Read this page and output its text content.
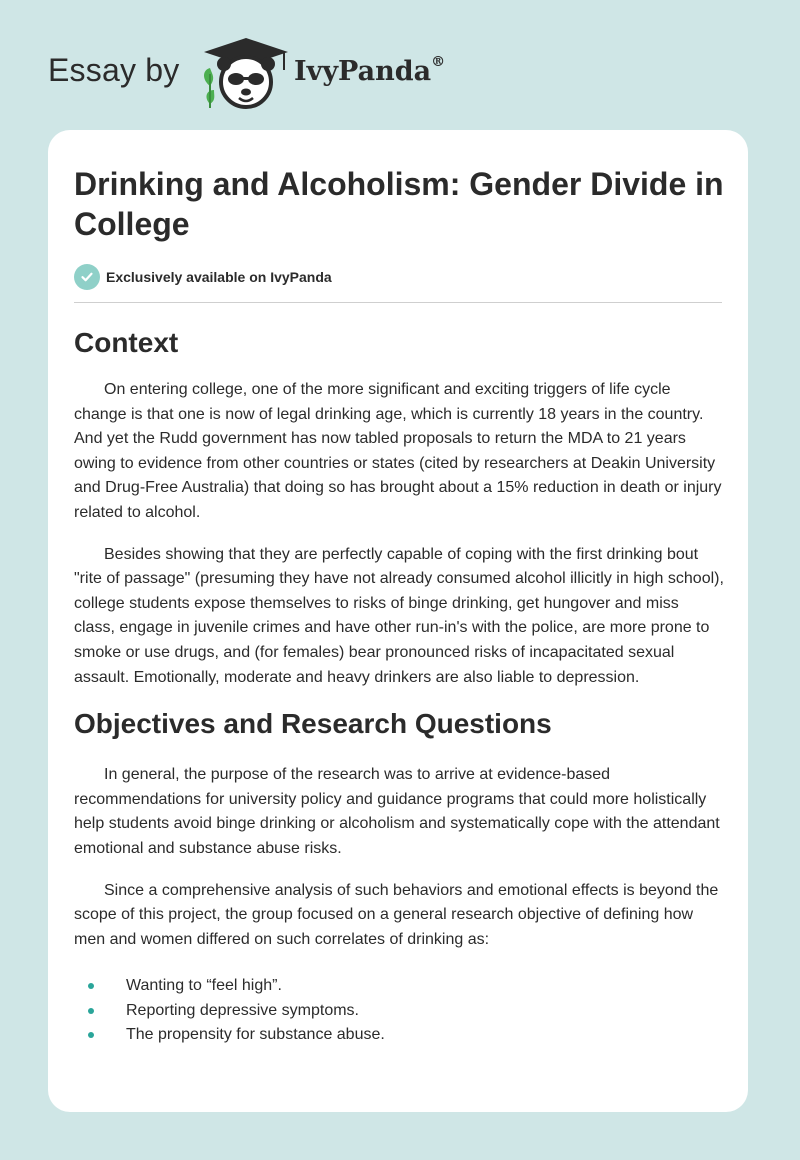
Essay by	IvyPanda®
Drinking and Alcoholism: Gender Divide in College
Exclusively available on IvyPanda
Context

On entering college, one of the more significant and exciting triggers of life cycle change is that one is now of legal drinking age, which is currently 18 years in the country. And yet the Rudd government has now tabled proposals to return the MDA to 21 years owing to evidence from other countries or states (cited by researchers at Deakin University and Drug-Free Australia) that doing so has brought about a 15% reduction in death or injury related to alcohol.

Besides showing that they are perfectly capable of coping with the first drinking bout "rite of passage" (presuming they have not already consumed alcohol illicitly in high school), college students expose themselves to risks of binge drinking, get hungover and miss class, engage in juvenile crimes and have other run-in's with the police, are more prone to smoke or use drugs, and (for females) bear pronounced risks of incapacitated sexual assault. Emotionally, moderate and heavy drinkers are also liable to depression.

Objectives and Research Questions

In general, the purpose of the research was to arrive at evidence-based recommendations for university policy and guidance programs that could more holistically help students avoid binge drinking or alcoholism and systematically cope with the attendant emotional and substance abuse risks.

Since a comprehensive analysis of such behaviors and emotional effects is beyond the scope of this project, the group focused on a general research objective of defining how men and women differed on such correlates of drinking as:

Wanting to “feel high”.
Reporting depressive symptoms.
The propensity for substance abuse.
